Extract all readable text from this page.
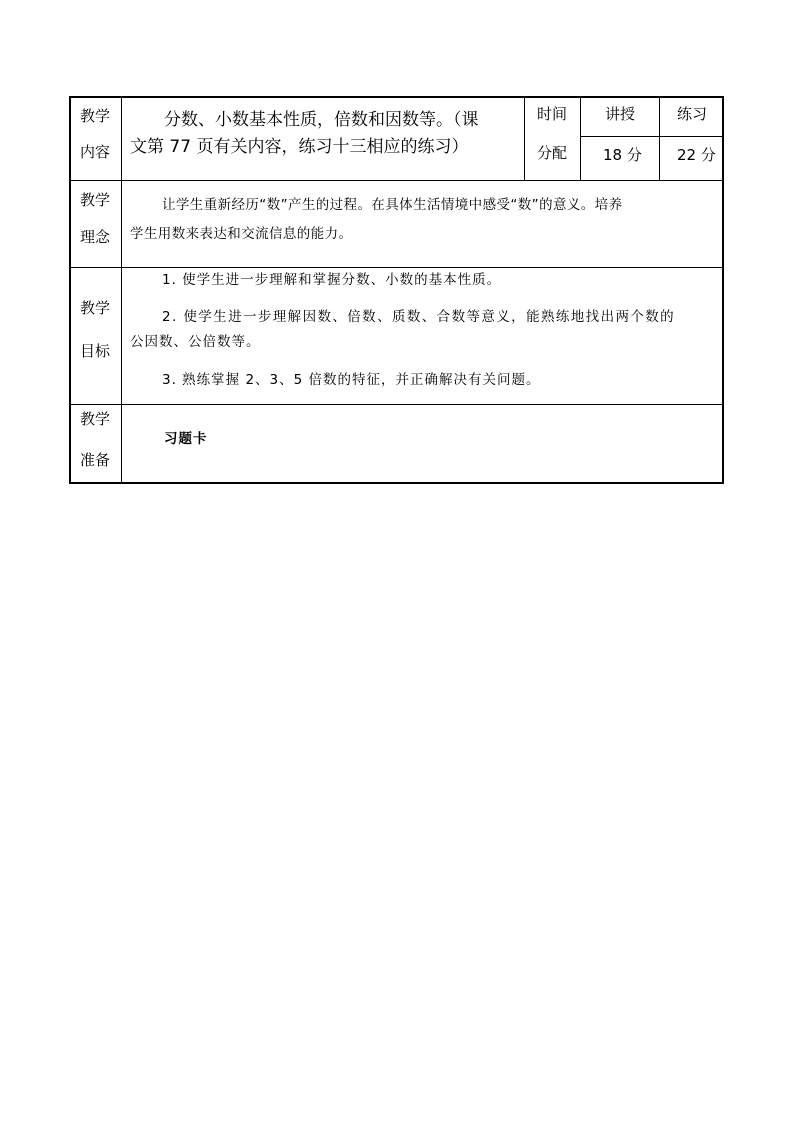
教学
内容
分数、小数基本性质，倍数和因数等。（课
文第 77 页有关内容，练习十三相应的练习）
时间
分配
讲授	练习
18 分 22 分
教学
理念
让学生重新经历“数”产生的过程。在具体生活情境中感受“数”的意义。培养
学生用数来表达和交流信息的能力。
教学
目标
1. 使学生进一步理解和掌握分数、小数的基本性质。
2. 使学生进一步理解因数、倍数、质数、合数等意义，能熟练地找出两个数的
公因数、公倍数等。
3. 熟练掌握 2、3、5 倍数的特征，并正确解决有关问题。
教学
准备
习题卡
